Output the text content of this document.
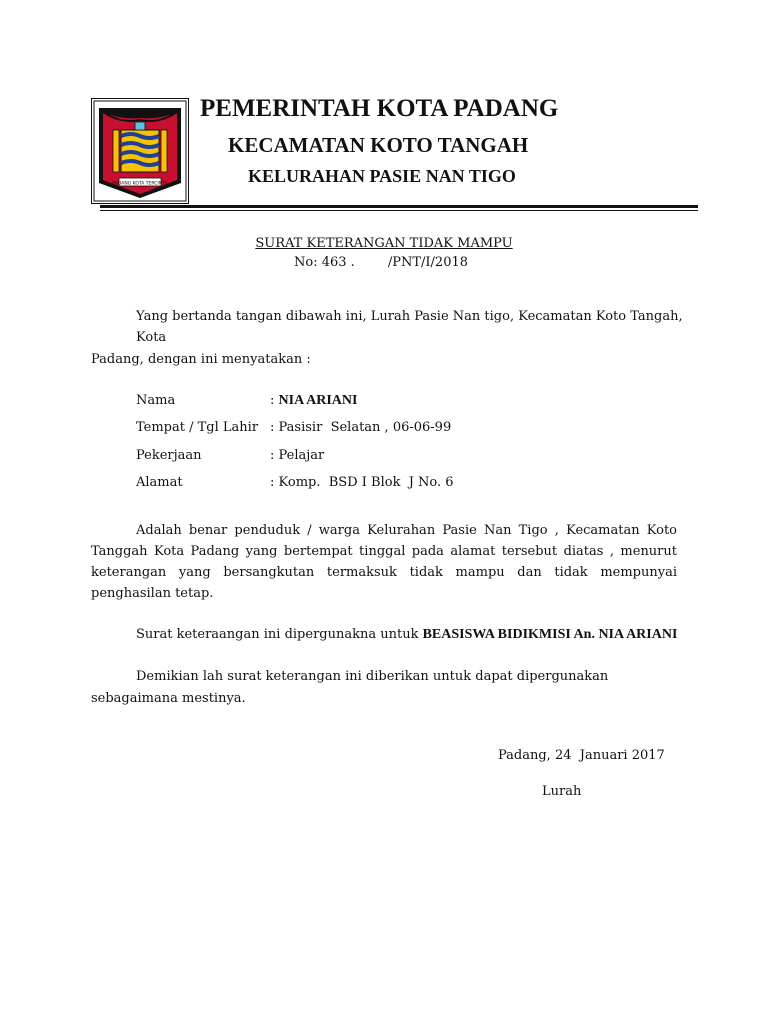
PADANG KOTA TERCINTA
PEMERINTAH KOTA PADANG
KECAMATAN KOTO TANGAH
KELURAHAN PASIE NAN TIGO
SURAT KETERANGAN TIDAK MAMPU
No: 463 .        /PNT/I/2018
Yang bertanda tangan dibawah ini, Lurah Pasie Nan tigo, Kecamatan Koto Tangah,
Kota
Padang, dengan ini menyatakan :
Nama	: NIA ARIANI
Tempat / Tgl Lahir : Pasisir  Selatan , 06-06-99
Pekerjaan	: Pelajar
Alamat	: Komp.  BSD I Blok  J No. 6
Adalah benar penduduk / warga Kelurahan Pasie Nan Tigo , Kecamatan Koto Tanggah Kota Padang yang bertempat tinggal pada alamat tersebut diatas , menurut keterangan yang bersangkutan termaksuk tidak mampu dan tidak mempunyai penghasilan tetap.
Surat keteraangan ini dipergunakna untuk BEASISWA BIDIKMISI An. NIA ARIANI
Demikian lah surat keterangan ini diberikan untuk dapat dipergunakan
sebagaimana mestinya.
Padang, 24  Januari 2017
Lurah
